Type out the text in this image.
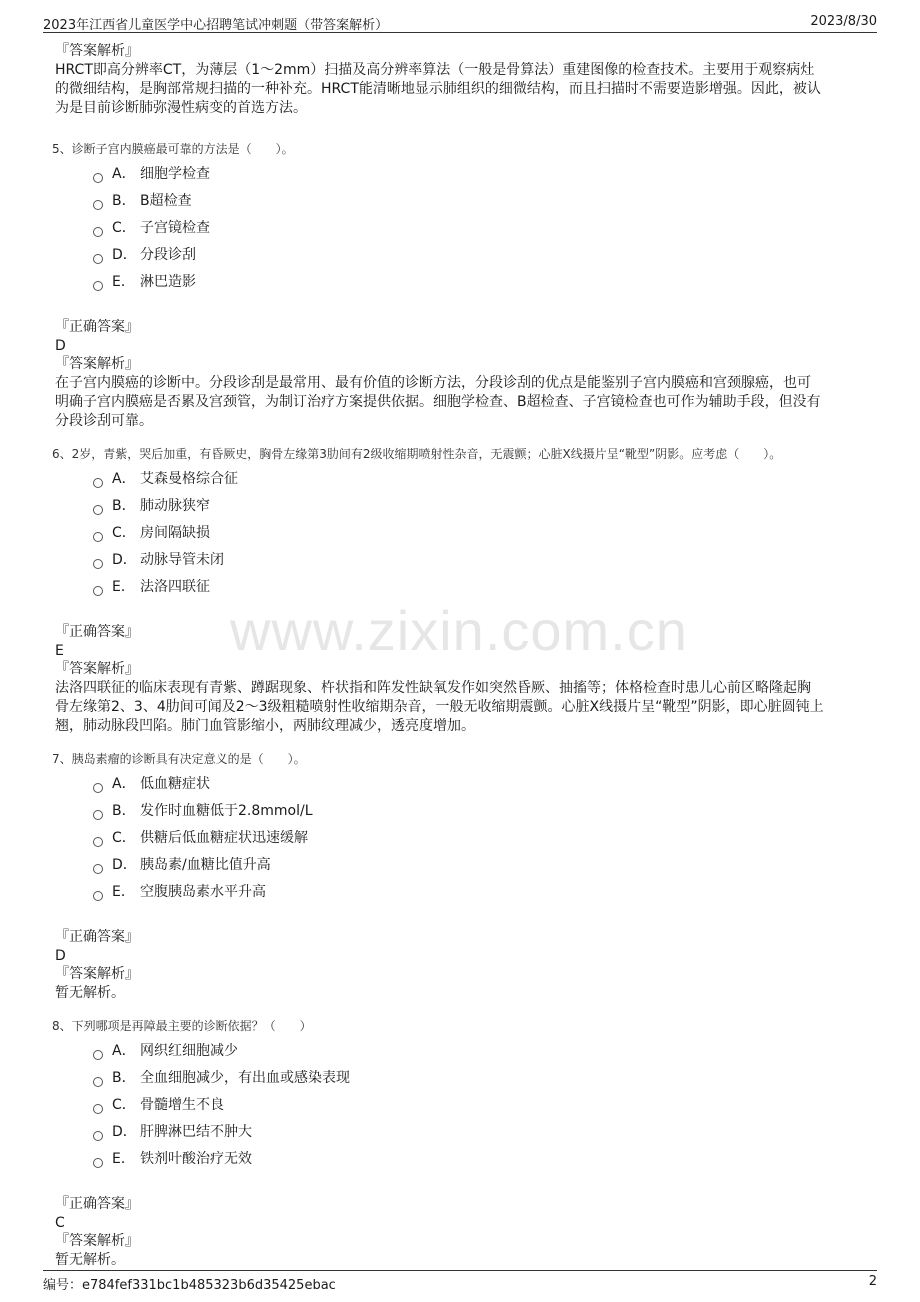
2023年江西省儿童医学中心招聘笔试冲刺题（带答案解析）	2023/8/30
www.zixin.com.cn
『答案解析』
HRCT即高分辨率CT，为薄层（1～2mm）扫描及高分辨率算法（一般是骨算法）重建图像的检查技术。主要用于观察病灶
的微细结构，是胸部常规扫描的一种补充。HRCT能清晰地显示肺组织的细微结构，而且扫描时不需要造影增强。因此，被认
为是目前诊断肺弥漫性病变的首选方法。
5、诊断子宫内膜癌最可靠的方法是（　　）。
A． 细胞学检查
B． B超检查
C． 子宫镜检查
D． 分段诊刮
E． 淋巴造影
『正确答案』
D
『答案解析』
在子宫内膜癌的诊断中。分段诊刮是最常用、最有价值的诊断方法，分段诊刮的优点是能鉴别子宫内膜癌和宫颈腺癌，也可
明确子宫内膜癌是否累及宫颈管，为制订治疗方案提供依据。细胞学检查、B超检查、子宫镜检查也可作为辅助手段，但没有
分段诊刮可靠。
6、2岁，青紫，哭后加重，有昏厥史，胸骨左缘第3肋间有2级收缩期喷射性杂音，无震颤；心脏X线摄片呈“靴型”阴影。应考虑（　　）。
A． 艾森曼格综合征
B． 肺动脉狭窄
C． 房间隔缺损
D． 动脉导管未闭
E． 法洛四联征
『正确答案』
E
『答案解析』
法洛四联征的临床表现有青紫、蹲踞现象、杵状指和阵发性缺氧发作如突然昏厥、抽搐等；体格检查时患儿心前区略隆起胸
骨左缘第2、3、4肋间可闻及2～3级粗糙喷射性收缩期杂音，一般无收缩期震颤。心脏X线摄片呈“靴型”阴影，即心脏圆钝上
翘，肺动脉段凹陷。肺门血管影缩小，两肺纹理减少，透亮度增加。
7、胰岛素瘤的诊断具有决定意义的是（　　）。
A． 低血糖症状
B． 发作时血糖低于2.8mmol/L
C． 供糖后低血糖症状迅速缓解
D． 胰岛素/血糖比值升高
E． 空腹胰岛素水平升高
『正确答案』
D
『答案解析』
暂无解析。
8、下列哪项是再障最主要的诊断依据？（　　）
A． 网织红细胞减少
B． 全血细胞减少，有出血或感染表现
C． 骨髓增生不良
D． 肝脾淋巴结不肿大
E． 铁剂叶酸治疗无效
『正确答案』
C
『答案解析』
暂无解析。
编号：e784fef331bc1b485323b6d35425ebac	2
